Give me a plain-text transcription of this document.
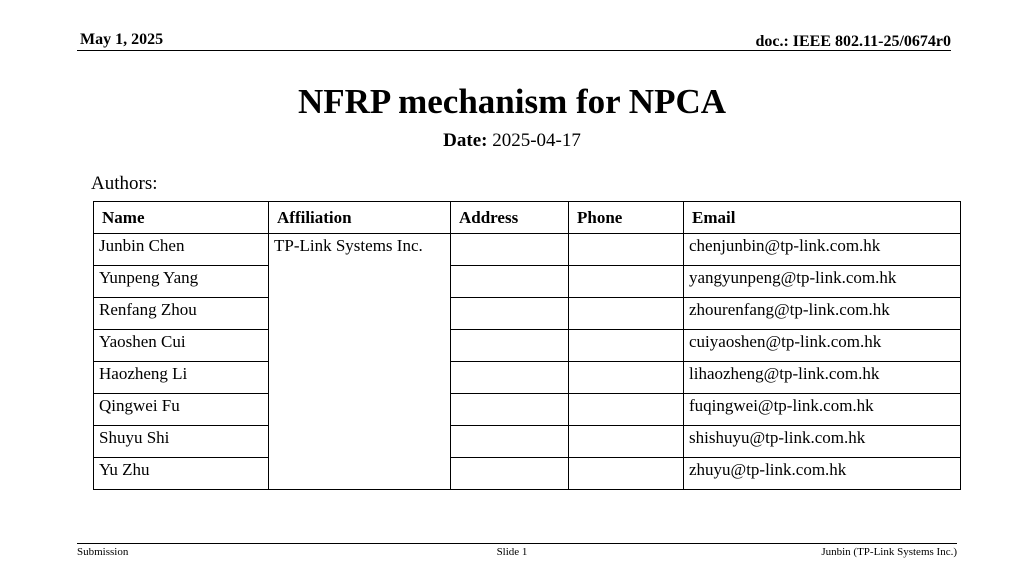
May 1, 2025	doc.: IEEE 802.11-25/0674r0
NFRP mechanism for NPCA
Date: 2025-04-17
Authors:
Name	Affiliation	Address	Phone	Email
Junbin Chen	TP-Link Systems Inc.			chenjunbin@tp-link.com.hk
Yunpeng Yang				yangyunpeng@tp-link.com.hk
Renfang Zhou				zhourenfang@tp-link.com.hk
Yaoshen Cui				cuiyaoshen@tp-link.com.hk
Haozheng Li				lihaozheng@tp-link.com.hk
Qingwei Fu				fuqingwei@tp-link.com.hk
Shuyu Shi				shishuyu@tp-link.com.hk
Yu Zhu				zhuyu@tp-link.com.hk
Submission	Slide 1	Junbin (TP-Link Systems Inc.)
